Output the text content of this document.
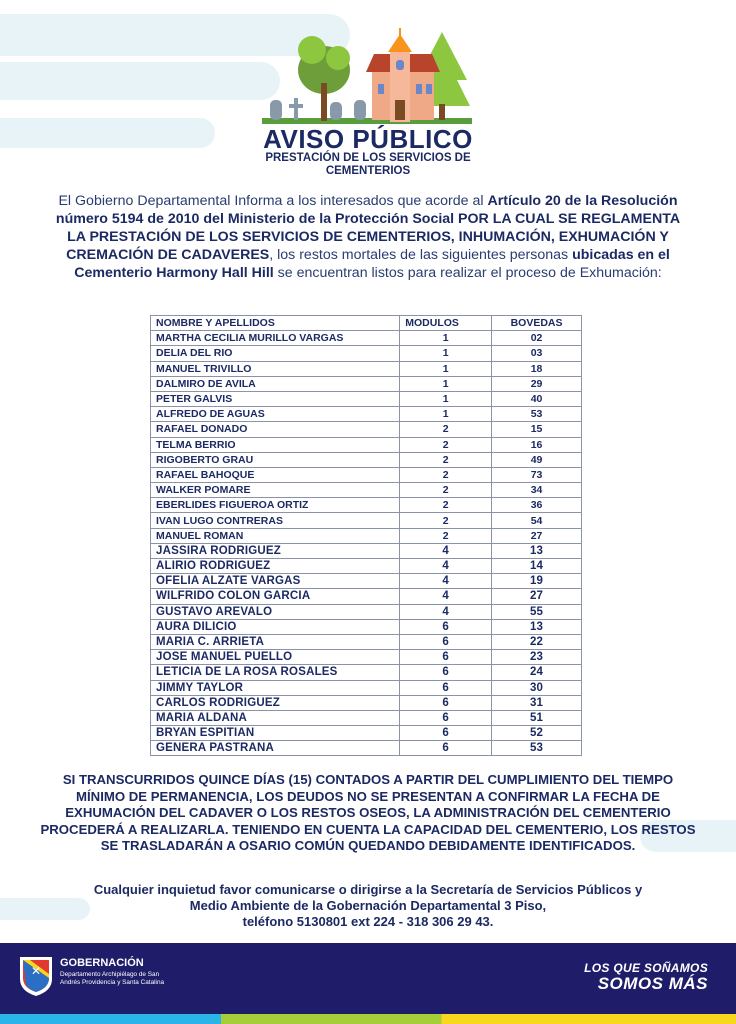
AVISO PÚBLICO
PRESTACIÓN DE LOS SERVICIOS DE CEMENTERIOS
El Gobierno Departamental Informa a los interesados que acorde al Artículo 20 de la Resolución número 5194 de 2010 del Ministerio de la Protección Social POR LA CUAL SE REGLAMENTA LA PRESTACIÓN DE LOS SERVICIOS DE CEMENTERIOS, INHUMACIÓN, EXHUMACIÓN Y CREMACIÓN DE CADAVERES, los restos mortales de las siguientes personas ubicadas en el Cementerio Harmony Hall Hill se encuentran listos para realizar el proceso de Exhumación:
NOMBRE Y APELLIDOS	MODULOS	BOVEDAS
MARTHA CECILIA MURILLO VARGAS	1	02
DELIA DEL RIO	1	03
MANUEL TRIVILLO	1	18
DALMIRO DE AVILA	1	29
PETER GALVIS	1	40
ALFREDO DE AGUAS	1	53
RAFAEL DONADO	2	15
TELMA BERRIO	2	16
RIGOBERTO GRAU	2	49
RAFAEL BAHOQUE	2	73
WALKER POMARE	2	34
EBERLIDES FIGUEROA ORTIZ	2	36
IVAN LUGO CONTRERAS	2	54
MANUEL ROMAN	2	27
JASSIRA RODRIGUEZ	4	13
ALIRIO RODRIGUEZ	4	14
OFELIA ALZATE VARGAS	4	19
WILFRIDO COLON GARCIA	4	27
GUSTAVO AREVALO	4	55
AURA DILICIO	6	13
MARIA C. ARRIETA	6	22
JOSE MANUEL PUELLO	6	23
LETICIA DE LA ROSA ROSALES	6	24
JIMMY TAYLOR	6	30
CARLOS RODRIGUEZ	6	31
MARIA ALDANA	6	51
BRYAN ESPITIAN	6	52
GENERA PASTRANA	6	53
SI TRANSCURRIDOS QUINCE DÍAS (15) CONTADOS A PARTIR DEL CUMPLIMIENTO DEL TIEMPO MÍNIMO DE PERMANENCIA, LOS DEUDOS NO SE PRESENTAN A CONFIRMAR LA FECHA DE EXHUMACIÓN DEL CADAVER O LOS RESTOS OSEOS, LA ADMINISTRACIÓN DEL CEMENTERIO PROCEDERÁ A REALIZARLA. TENIENDO EN CUENTA LA CAPACIDAD DEL CEMENTERIO, LOS RESTOS SE TRASLADARÁN A OSARIO COMÚN QUEDANDO DEBIDAMENTE IDENTIFICADOS.
Cualquier inquietud favor comunicarse o dirigirse a la Secretaría de Servicios Públicos y
Medio Ambiente de la Gobernación Departamental 3 Piso,
teléfono 5130801 ext 224 - 318 306 29 43.
✕
GOBERNACIÓN
Departamento Archipiélago de San Andrés Providencia y Santa Catalina
LOS QUE SOÑAMOS
SOMOS MÁS
